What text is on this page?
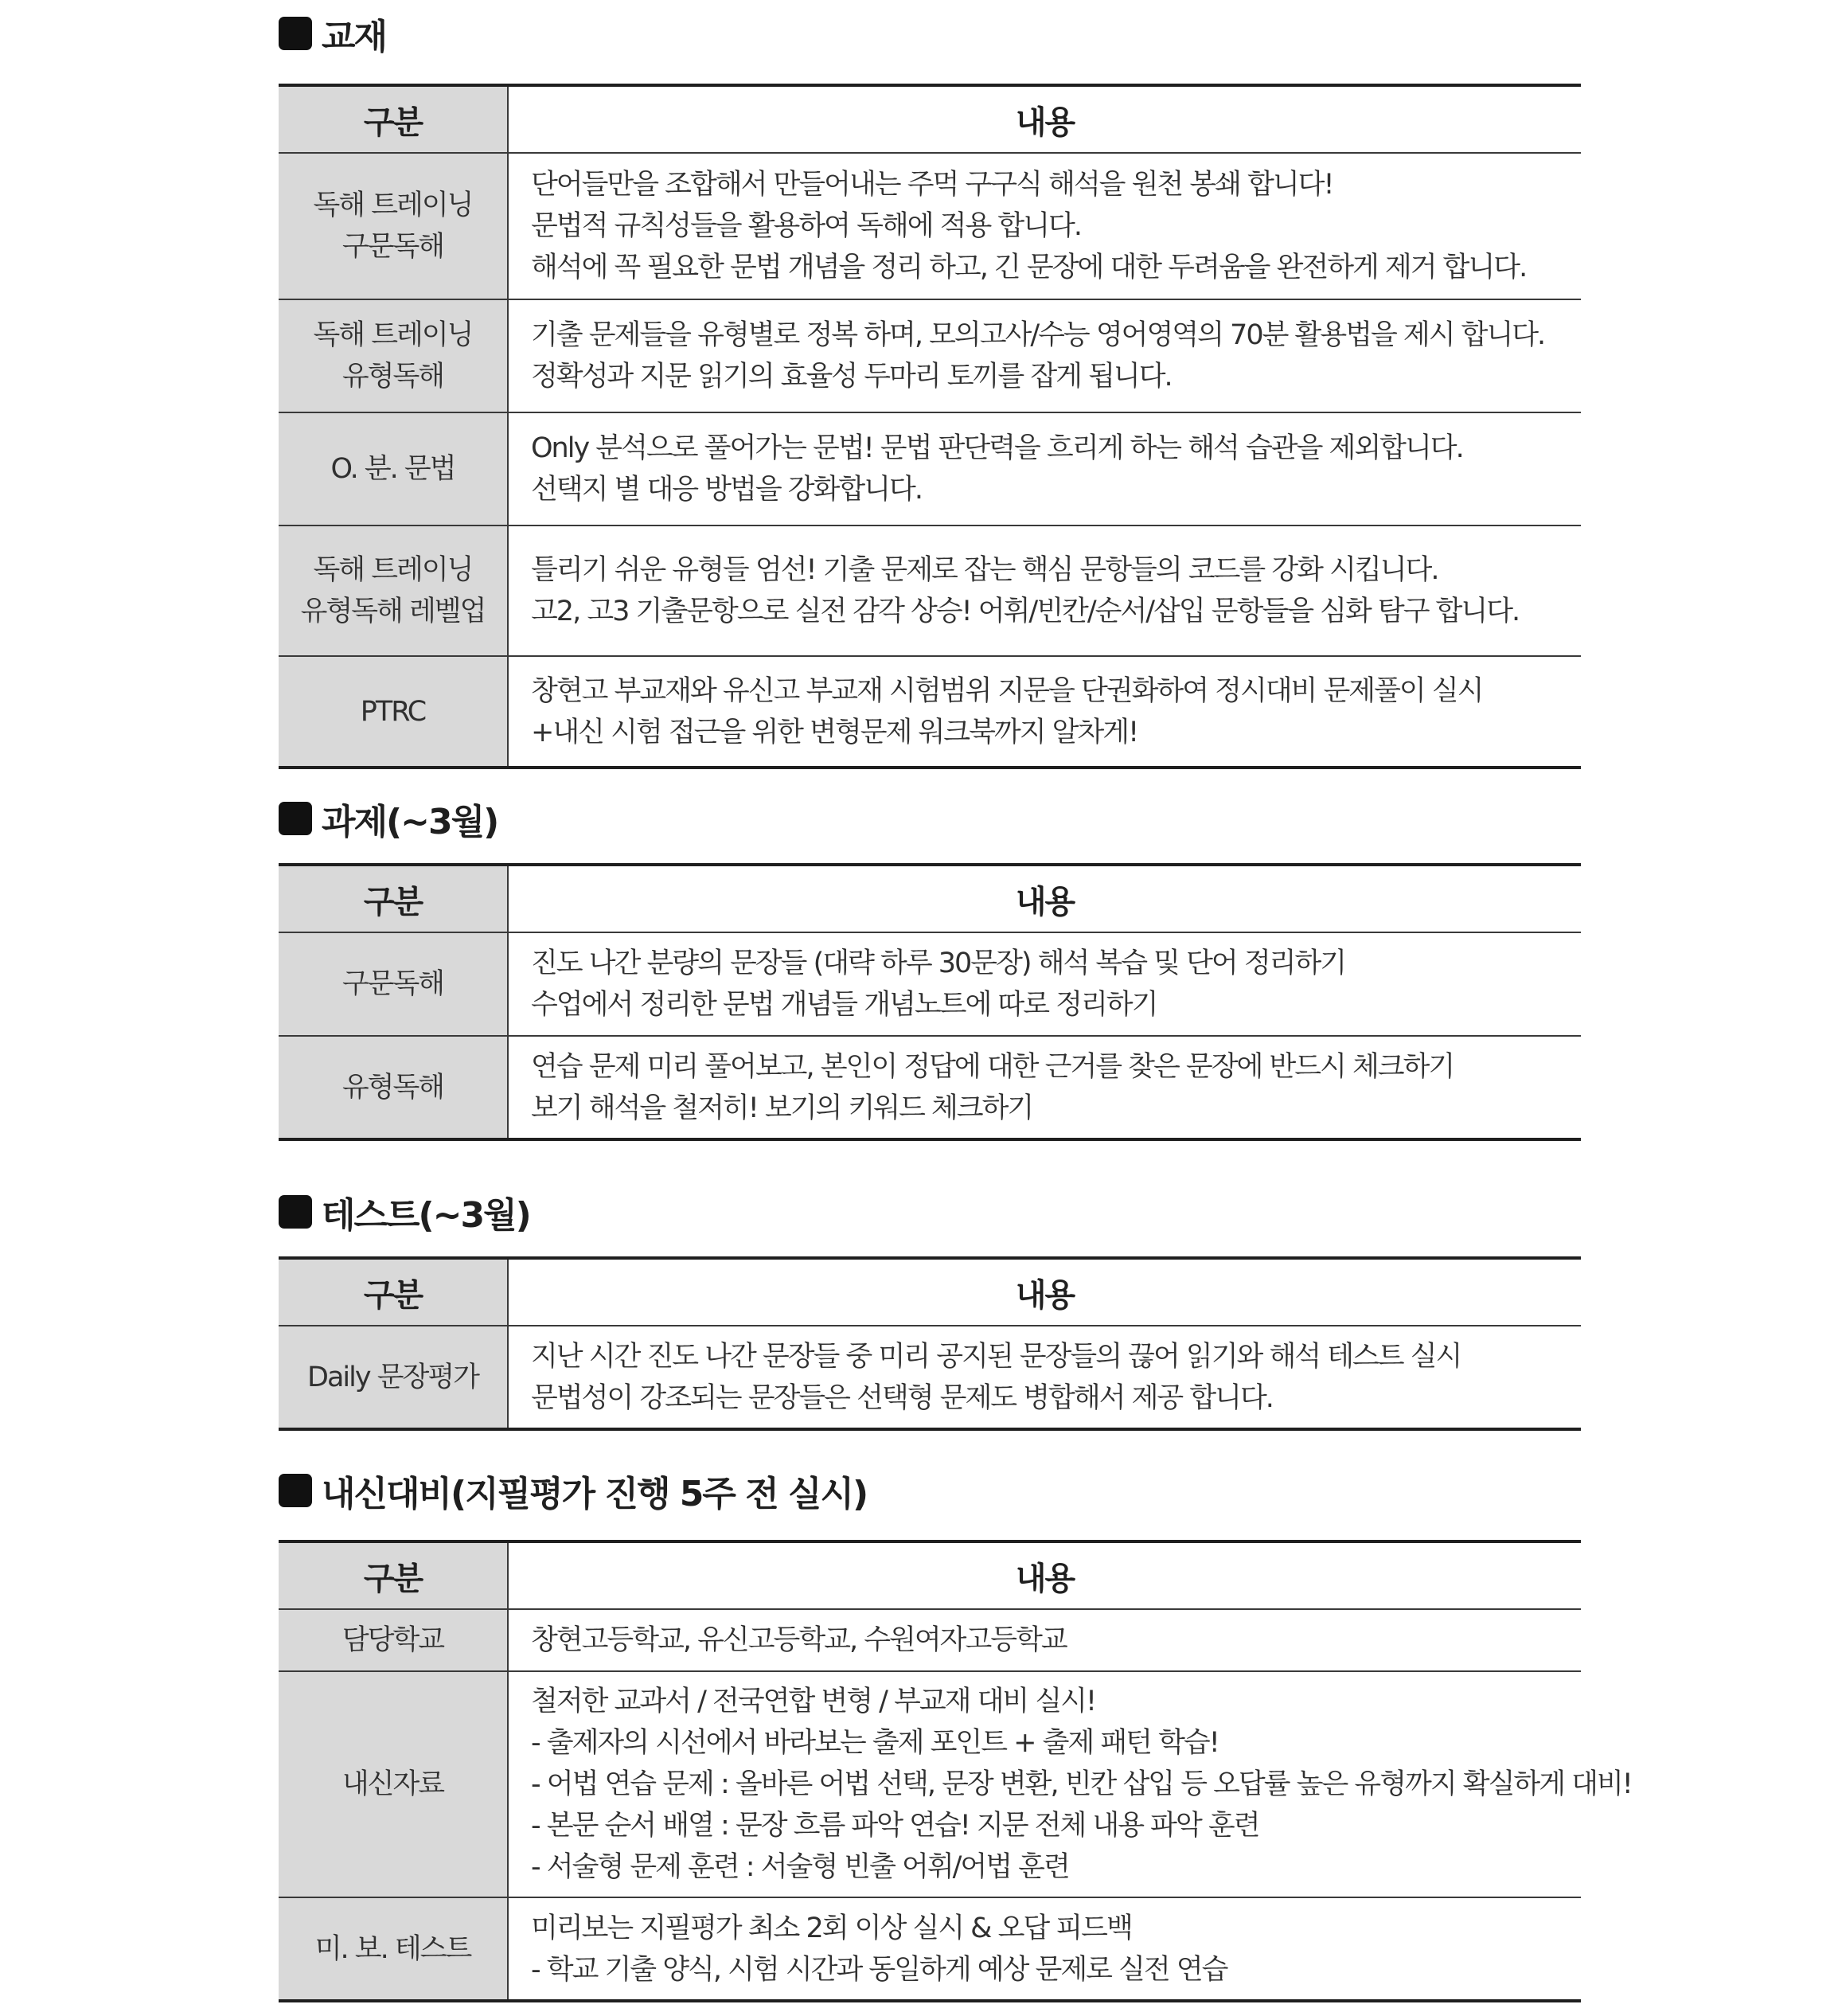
교재
구분	내용

독해 트레이닝
구문독해	단어들만을 조합해서 만들어내는 주먹 구구식 해석을 원천 봉쇄 합니다!
문법적 규칙성들을 활용하여 독해에 적용 합니다.
해석에 꼭 필요한 문법 개념을 정리 하고, 긴 문장에 대한 두려움을 완전하게 제거 합니다.

독해 트레이닝
유형독해	기출 문제들을 유형별로 정복 하며, 모의고사/수능 영어영역의 70분 활용법을 제시 합니다.
정확성과 지문 읽기의 효율성 두마리 토끼를 잡게 됩니다.

O. 분. 문법	Only 분석으로 풀어가는 문법! 문법 판단력을 흐리게 하는 해석 습관을 제외합니다.
선택지 별 대응 방법을 강화합니다.

독해 트레이닝
유형독해 레벨업	틀리기 쉬운 유형들 엄선! 기출 문제로 잡는 핵심 문항들의 코드를 강화 시킵니다.
고2, 고3 기출문항으로 실전 감각 상승! 어휘/빈칸/순서/삽입 문항들을 심화 탐구 합니다.

PTRC	창현고 부교재와 유신고 부교재 시험범위 지문을 단권화하여 정시대비 문제풀이 실시
+내신 시험 접근을 위한 변형문제 워크북까지 알차게!
과제(~3월)
구분	내용

구문독해	진도 나간 분량의 문장들 (대략 하루 30문장) 해석 복습 및 단어 정리하기
수업에서 정리한 문법 개념들 개념노트에 따로 정리하기

유형독해	연습 문제 미리 풀어보고, 본인이 정답에 대한 근거를 찾은 문장에 반드시 체크하기
보기 해석을 철저히! 보기의 키워드 체크하기
테스트(~3월)
구분	내용

Daily 문장평가	지난 시간 진도 나간 문장들 중 미리 공지된 문장들의 끊어 읽기와 해석 테스트 실시
문법성이 강조되는 문장들은 선택형 문제도 병합해서 제공 합니다.
내신대비(지필평가 진행 5주 전 실시)
구분	내용

담당학교	창현고등학교, 유신고등학교, 수원여자고등학교

내신자료	철저한 교과서 / 전국연합 변형 / 부교재 대비 실시!
- 출제자의 시선에서 바라보는 출제 포인트 + 출제 패턴 학습!
- 어법 연습 문제 : 올바른 어법 선택, 문장 변환, 빈칸 삽입 등 오답률 높은 유형까지 확실하게 대비!
- 본문 순서 배열 : 문장 흐름 파악 연습! 지문 전체 내용 파악 훈련
- 서술형 문제 훈련 : 서술형 빈출 어휘/어법 훈련

미. 보. 테스트	미리보는 지필평가 최소 2회 이상 실시 & 오답 피드백
- 학교 기출 양식, 시험 시간과 동일하게 예상 문제로 실전 연습
